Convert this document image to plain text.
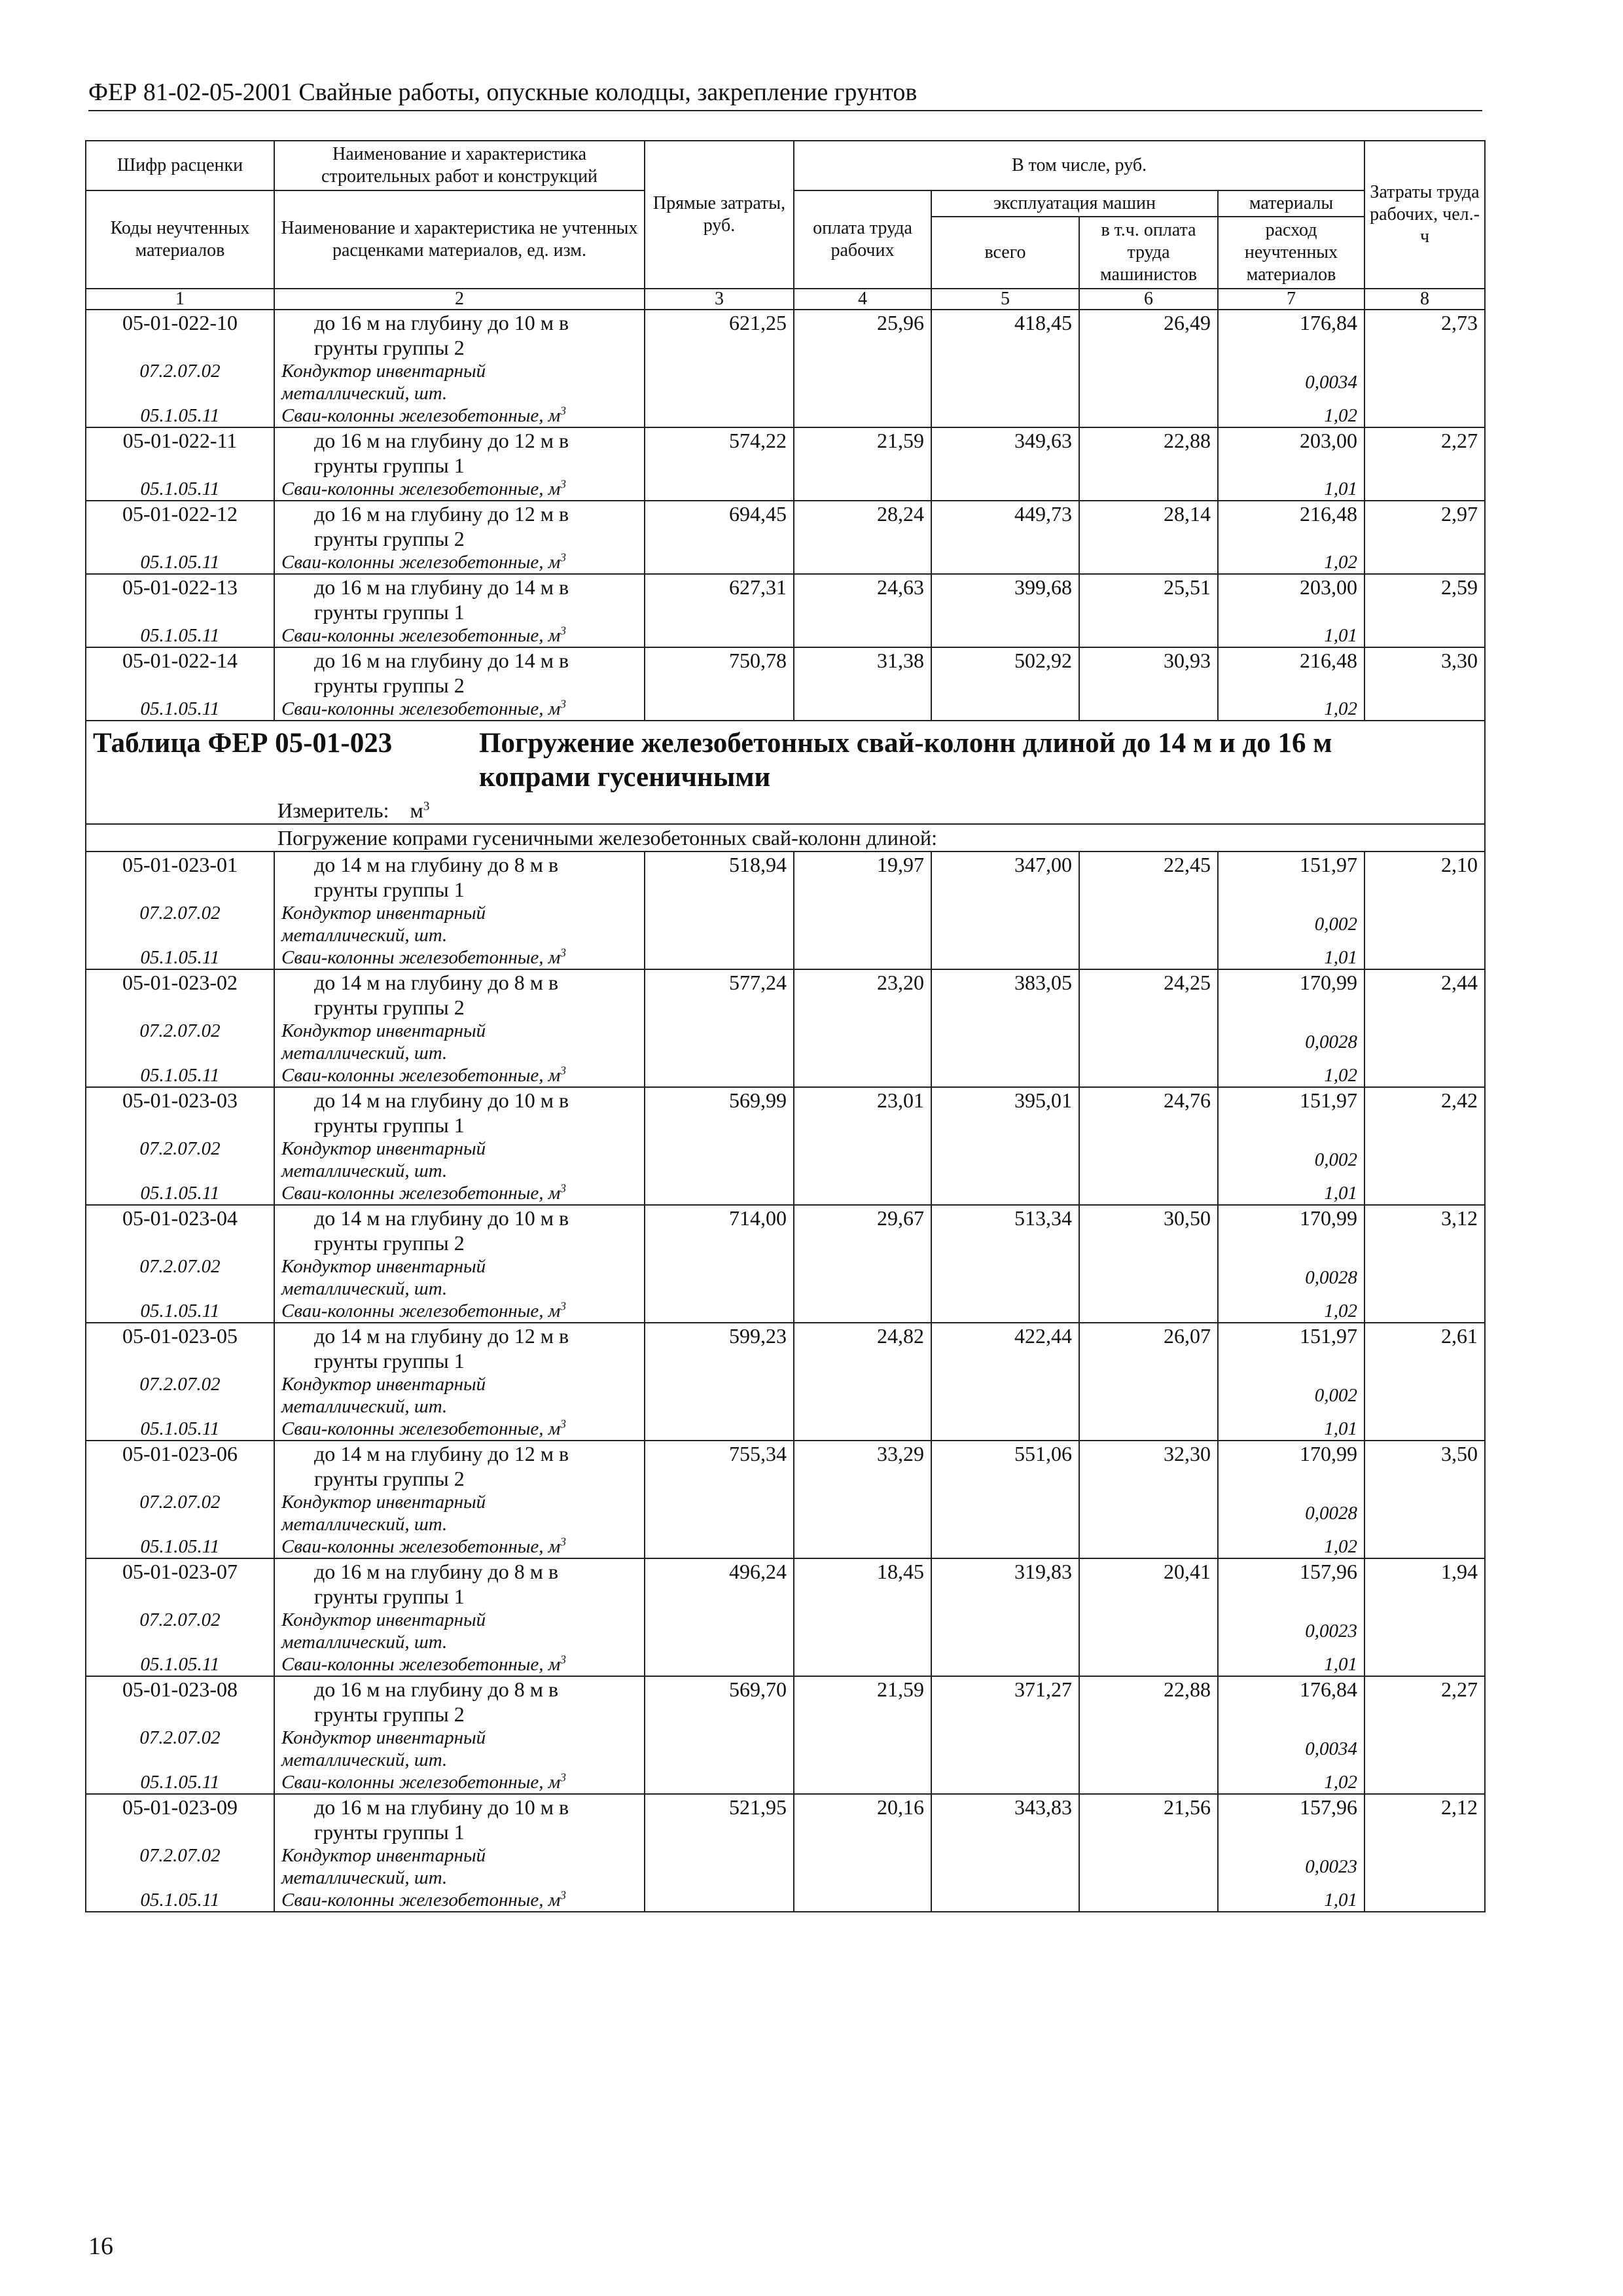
ФЕР 81-02-05-2001 Свайные работы, опускные колодцы, закрепление грунтов
Шифр расценки	Наименование и характеристика строительных работ и конструкций	Прямые затраты, руб.	В том числе, руб.				Затраты труда рабочих, чел.-ч
Коды неучтенных материалов	Наименование и характеристика не учтенных расценками материалов, ед. изм.		оплата труда рабочих	эксплуатация машин		материалы	
				всего	в т.ч. оплата труда машинистов	расход неучтенных материалов	
1	2	3	4	5	6	7	8
05-01-022-10	до 16 м на глубину до 10 м в
грунты группы 2	621,25	25,96	418,45	26,49	176,84	2,73
07.2.07.02	Кондуктор инвентарный
металлический, шт.					0,0034	
05.1.05.11	Сваи-колонны железобетонные, $м^3$					1,02	
05-01-022-11	до 16 м на глубину до 12 м в
грунты группы 1	574,22	21,59	349,63	22,88	203,00	2,27
05.1.05.11	Сваи-колонны железобетонные, $м^3$					1,01	
05-01-022-12	до 16 м на глубину до 12 м в
грунты группы 2	694,45	28,24	449,73	28,14	216,48	2,97
05.1.05.11	Сваи-колонны железобетонные, $м^3$					1,02	
05-01-022-13	до 16 м на глубину до 14 м в
грунты группы 1	627,31	24,63	399,68	25,51	203,00	2,59
05.1.05.11	Сваи-колонны железобетонные, $м^3$					1,01	
05-01-022-14	до 16 м на глубину до 14 м в
грунты группы 2	750,78	31,38	502,92	30,93	216,48	3,30
05.1.05.11	Сваи-колонны железобетонные, $м^3$					1,02	

Таблица ФЕР 05-01-023 Погружение железобетонных свай-колонн длиной до 14 м и до 16 м
копрами гусеничными
Измеритель: $м^3$

Погружение копрами гусеничными железобетонных свай-колонн длиной:							
05-01-023-01	до 14 м на глубину до 8 м в
грунты группы 1	518,94	19,97	347,00	22,45	151,97	2,10
07.2.07.02	Кондуктор инвентарный
металлический, шт.					0,002	
05.1.05.11	Сваи-колонны железобетонные, $м^3$					1,01	
05-01-023-02	до 14 м на глубину до 8 м в
грунты группы 2	577,24	23,20	383,05	24,25	170,99	2,44
07.2.07.02	Кондуктор инвентарный
металлический, шт.					0,0028	
05.1.05.11	Сваи-колонны железобетонные, $м^3$					1,02	
05-01-023-03	до 14 м на глубину до 10 м в
грунты группы 1	569,99	23,01	395,01	24,76	151,97	2,42
07.2.07.02	Кондуктор инвентарный
металлический, шт.					0,002	
05.1.05.11	Сваи-колонны железобетонные, $м^3$					1,01	
05-01-023-04	до 14 м на глубину до 10 м в
грунты группы 2	714,00	29,67	513,34	30,50	170,99	3,12
07.2.07.02	Кондуктор инвентарный
металлический, шт.					0,0028	
05.1.05.11	Сваи-колонны железобетонные, $м^3$					1,02	
05-01-023-05	до 14 м на глубину до 12 м в
грунты группы 1	599,23	24,82	422,44	26,07	151,97	2,61
07.2.07.02	Кондуктор инвентарный
металлический, шт.					0,002	
05.1.05.11	Сваи-колонны железобетонные, $м^3$					1,01	
05-01-023-06	до 14 м на глубину до 12 м в
грунты группы 2	755,34	33,29	551,06	32,30	170,99	3,50
07.2.07.02	Кондуктор инвентарный
металлический, шт.					0,0028	
05.1.05.11	Сваи-колонны железобетонные, $м^3$					1,02	
05-01-023-07	до 16 м на глубину до 8 м в
грунты группы 1	496,24	18,45	319,83	20,41	157,96	1,94
07.2.07.02	Кондуктор инвентарный
металлический, шт.					0,0023	
05.1.05.11	Сваи-колонны железобетонные, $м^3$					1,01	
05-01-023-08	до 16 м на глубину до 8 м в
грунты группы 2	569,70	21,59	371,27	22,88	176,84	2,27
07.2.07.02	Кондуктор инвентарный
металлический, шт.					0,0034	
05.1.05.11	Сваи-колонны железобетонные, $м^3$					1,02	
05-01-023-09	до 16 м на глубину до 10 м в
грунты группы 1	521,95	20,16	343,83	21,56	157,96	2,12
07.2.07.02	Кондуктор инвентарный
металлический, шт.					0,0023	
05.1.05.11	Сваи-колонны железобетонные, $м^3$					1,01	
16
